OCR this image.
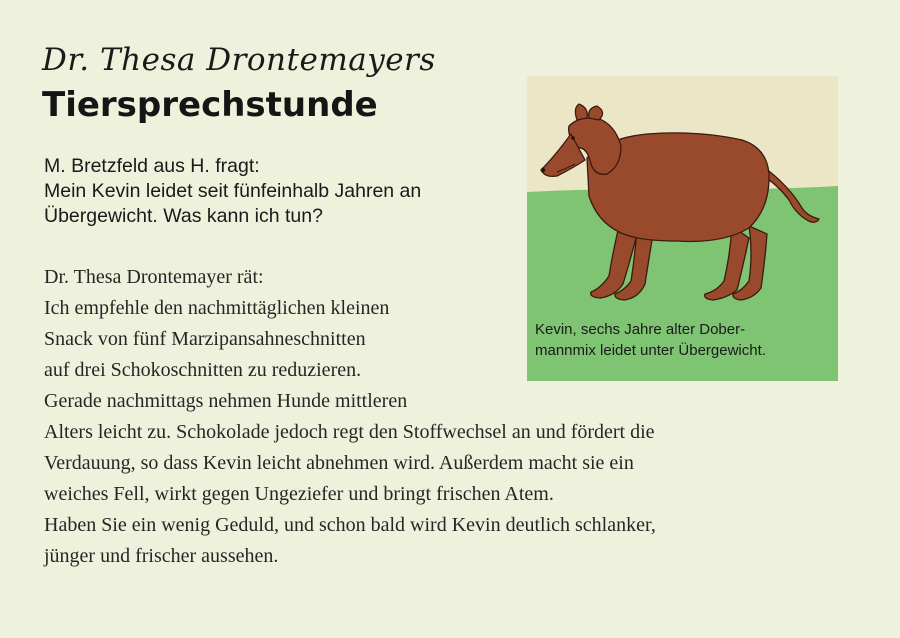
Dr. Thesa Drontemayers
Tiersprechstunde
M. Bretzfeld aus H. fragt:
Mein Kevin leidet seit fünfeinhalb Jahren an
Übergewicht. Was kann ich tun?
Dr. Thesa Drontemayer rät:
Ich empfehle den nachmittäglichen kleinen
Snack von fünf Marzipansahneschnitten
auf drei Schokoschnitten zu reduzieren.
Gerade nachmittags nehmen Hunde mittleren
Alters leicht zu. Schokolade jedoch regt den Stoffwechsel an und fördert die
Verdauung, so dass Kevin leicht abnehmen wird. Außerdem macht sie ein
weiches Fell, wirkt gegen Ungeziefer und bringt frischen Atem.
Haben Sie ein wenig Geduld, und schon bald wird Kevin deutlich schlanker,
jünger und frischer aussehen.
Kevin, sechs Jahre alter Dober-
mannmix leidet unter Übergewicht.
